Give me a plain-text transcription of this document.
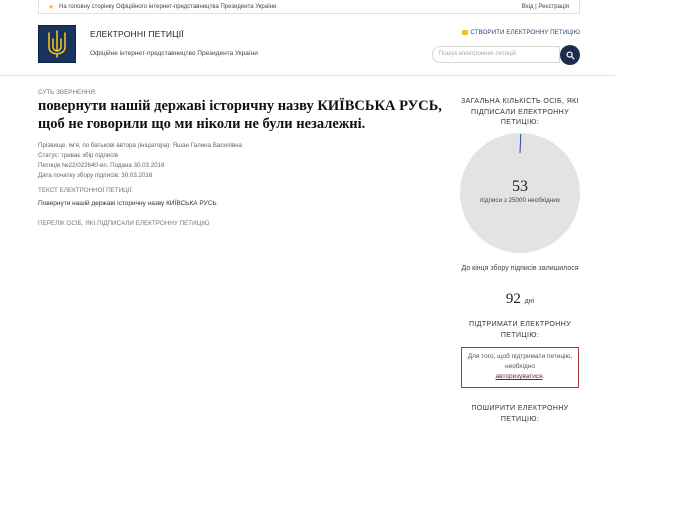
★ На головну сторінку Офіційного інтернет-представництва Президента України	Вхід | Реєстрація
ЕЛЕКТРОННІ ПЕТИЦІЇ
Офіційне інтернет-представництво Президента України
СТВОРИТИ ЕЛЕКТРОННУ ПЕТИЦІЮ
Пошук електронних петицій
СУТЬ ЗВЕРНЕННЯ:
повернути нашій державі історичну назву КИЇВСЬКА РУСЬ, щоб не говорили що ми ніколи не були незалежні.
Прізвище, ім'я, по батькові автора (ініціатора): Яшан Галина Василівна
Статус: триває збір підписів
Петиція №22/022640-еп. Подана 30.03.2016
Дата початку збору підписів: 30.03.2016
ТЕКСТ ЕЛЕКТРОННОЇ ПЕТИЦІЇ:
Повернути нашій державі історичну назву КИЇВСЬКА РУСЬ
ПЕРЕЛІК ОСІБ, ЯКІ ПІДПИСАЛИ ЕЛЕКТРОННУ ПЕТИЦІЮ
ЗАГАЛЬНА КІЛЬКІСТЬ ОСІБ, ЯКІ ПІДПИСАЛИ ЕЛЕКТРОННУ ПЕТИЦІЮ:
53
підписи з 25000 необхідних
До кінця збору підписів залишилося
92 дні
ПІДТРИМАТИ ЕЛЕКТРОННУ ПЕТИЦІЮ:
Для того, щоб підтримати петицію, необхідно
авторизуватися.
ПОШИРИТИ ЕЛЕКТРОННУ ПЕТИЦІЮ:
